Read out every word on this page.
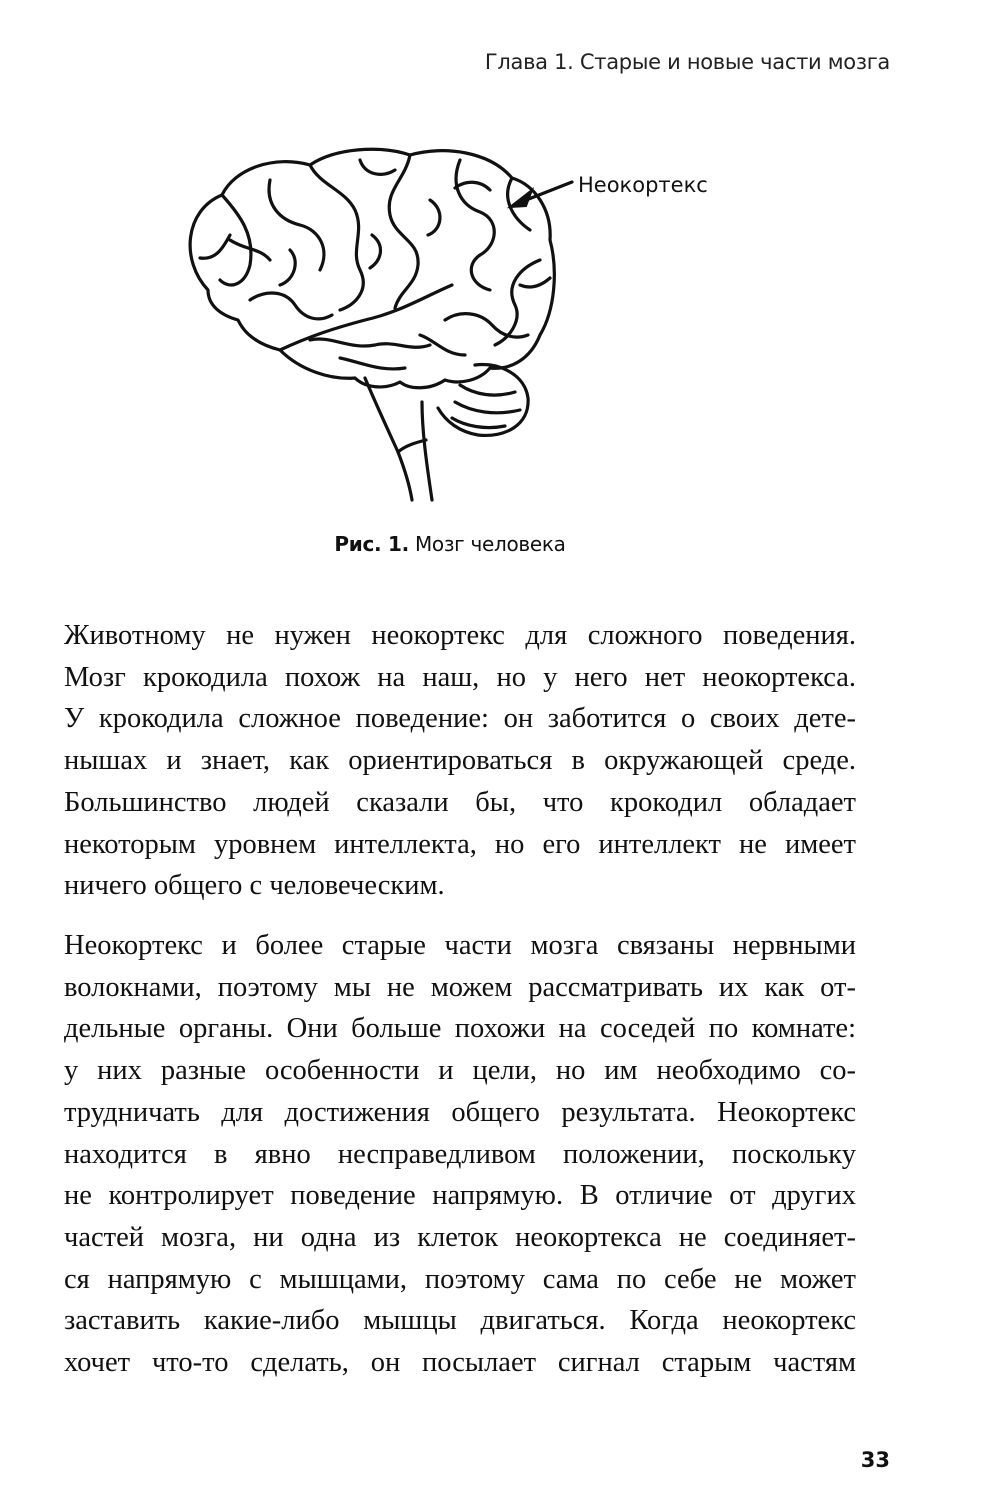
Глава 1. Старые и новые части мозга
Неокортекс
Рис. 1. Мозг человека
Животному не нужен неокортекс для сложного поведения.
Мозг крокодила похож на наш, но у него нет неокортекса.
У крокодила сложное поведение: он заботится о своих дете-
нышах и знает, как ориентироваться в окружающей среде.
Большинство людей сказали бы, что крокодил обладает
некоторым уровнем интеллекта, но его интеллект не имеет
ничего общего с человеческим.
Неокортекс и более старые части мозга связаны нервными
волокнами, поэтому мы не можем рассматривать их как от-
дельные органы. Они больше похожи на соседей по комнате:
у них разные особенности и цели, но им необходимо со-
трудничать для достижения общего результата. Неокортекс
находится в явно несправедливом положении, поскольку
не контролирует поведение напрямую. В отличие от других
частей мозга, ни одна из клеток неокортекса не соединяет-
ся напрямую с мышцами, поэтому сама по себе не может
заставить какие-либо мышцы двигаться. Когда неокортекс
хочет что-то сделать, он посылает сигнал старым частям
33
